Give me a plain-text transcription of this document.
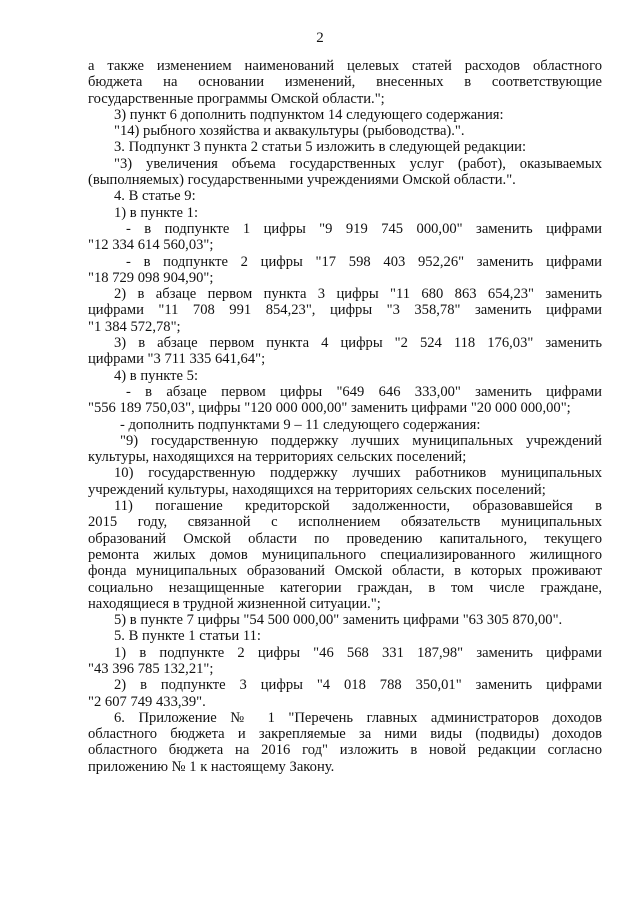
2
а также изменением наименований целевых статей расходов областного
бюджета на основании изменений, внесенных в соответствующие
государственные программы Омской области.";
3) пункт 6 дополнить подпунктом 14 следующего содержания:
"14) рыбного хозяйства и аквакультуры (рыбоводства).".
3. Подпункт 3 пункта 2 статьи 5 изложить в следующей редакции:
"3) увеличения объема государственных услуг (работ), оказываемых
(выполняемых) государственными учреждениями Омской области.".
4. В статье 9:
1) в пункте 1:
- в подпункте 1 цифры "9 919 745 000,00" заменить цифрами
"12 334 614 560,03";
- в подпункте 2 цифры "17 598 403 952,26" заменить цифрами
"18 729 098 904,90";
2) в абзаце первом пункта 3 цифры "11 680 863 654,23" заменить
цифрами "11 708 991 854,23", цифры "3 358,78" заменить цифрами
"1 384 572,78";
3) в абзаце первом пункта 4 цифры "2 524 118 176,03" заменить
цифрами "3 711 335 641,64";
4) в пункте 5:
- в абзаце первом цифры "649 646 333,00" заменить цифрами
"556 189 750,03", цифры "120 000 000,00" заменить цифрами "20 000 000,00";
- дополнить подпунктами 9 – 11 следующего содержания:
"9) государственную поддержку лучших муниципальных учреждений
культуры, находящихся на территориях сельских поселений;
10) государственную поддержку лучших работников муниципальных
учреждений культуры, находящихся на территориях сельских поселений;
11) погашение кредиторской задолженности, образовавшейся в
2015 году, связанной с исполнением обязательств муниципальных
образований Омской области по проведению капитального, текущего
ремонта жилых домов муниципального специализированного жилищного
фонда муниципальных образований Омской области, в которых проживают
социально незащищенные категории граждан, в том числе граждане,
находящиеся в трудной жизненной ситуации.";
5) в пункте 7 цифры "54 500 000,00" заменить цифрами "63 305 870,00".
5. В пункте 1 статьи 11:
1) в подпункте 2 цифры "46 568 331 187,98" заменить цифрами
"43 396 785 132,21";
2) в подпункте 3 цифры "4 018 788 350,01" заменить цифрами
"2 607 749 433,39".
6. Приложение № 1 "Перечень главных администраторов доходов
областного бюджета и закрепляемые за ними виды (подвиды) доходов
областного бюджета на 2016 год" изложить в новой редакции согласно
приложению № 1 к настоящему Закону.
